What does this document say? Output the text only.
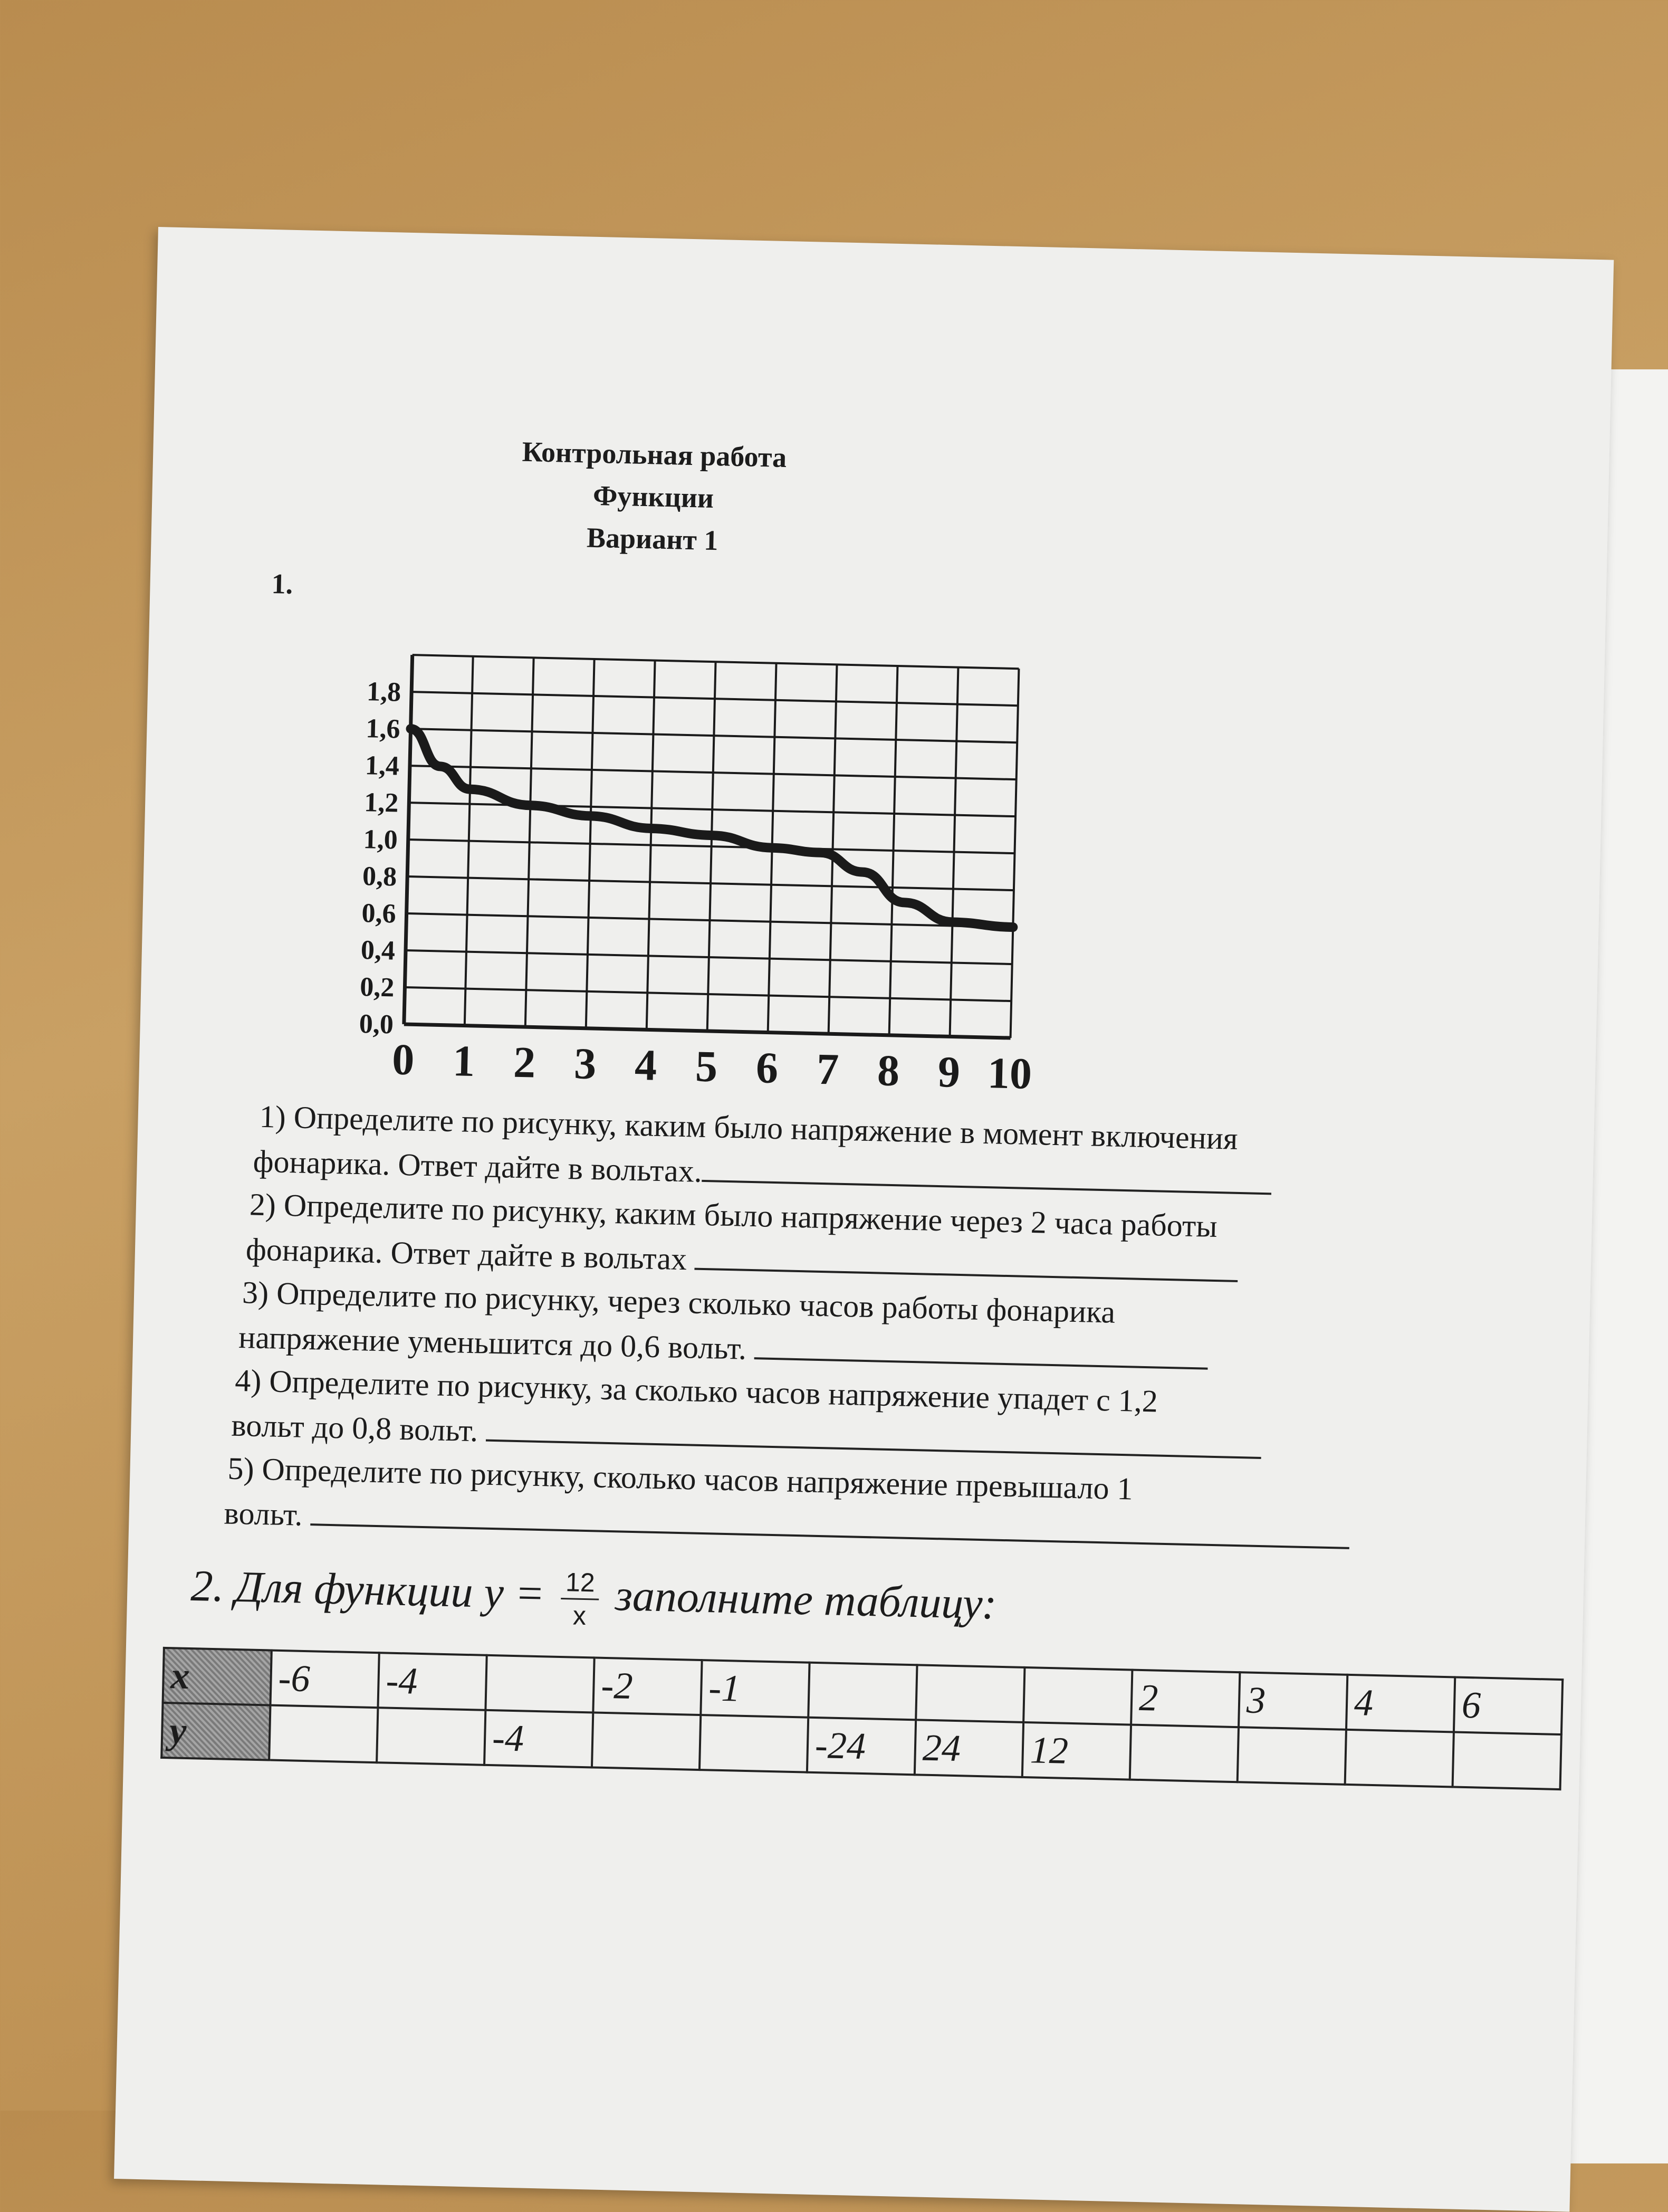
Контрольная работа
Функции
Вариант 1
1.
0,0
0,2
0,4
0,6
0,8
1,0
1,2
1,4
1,6
1,8
0 1 2 3 4 5 6 7 8 9 10

1) Определите по рисунку, каким было напряжение в момент включения

фонарика. Ответ дайте в вольтах.

2) Определите по рисунку, каким было напряжение через 2 часа работы

фонарика. Ответ дайте в вольтах

3) Определите по рисунку, через сколько часов работы фонарика

напряжение уменьшится до 0,6 вольт.

4) Определите по рисунку, за сколько часов напряжение упадет с 1,2

вольт до 0,8 вольт.

5) Определите по рисунку, сколько часов напряжение превышало 1

вольт.

2. Для функции $y = \frac{12}{x}$ заполните таблицу:
x	-6	-4		-2	-1				2	3	4	6
y			-4			-24	24	12				
